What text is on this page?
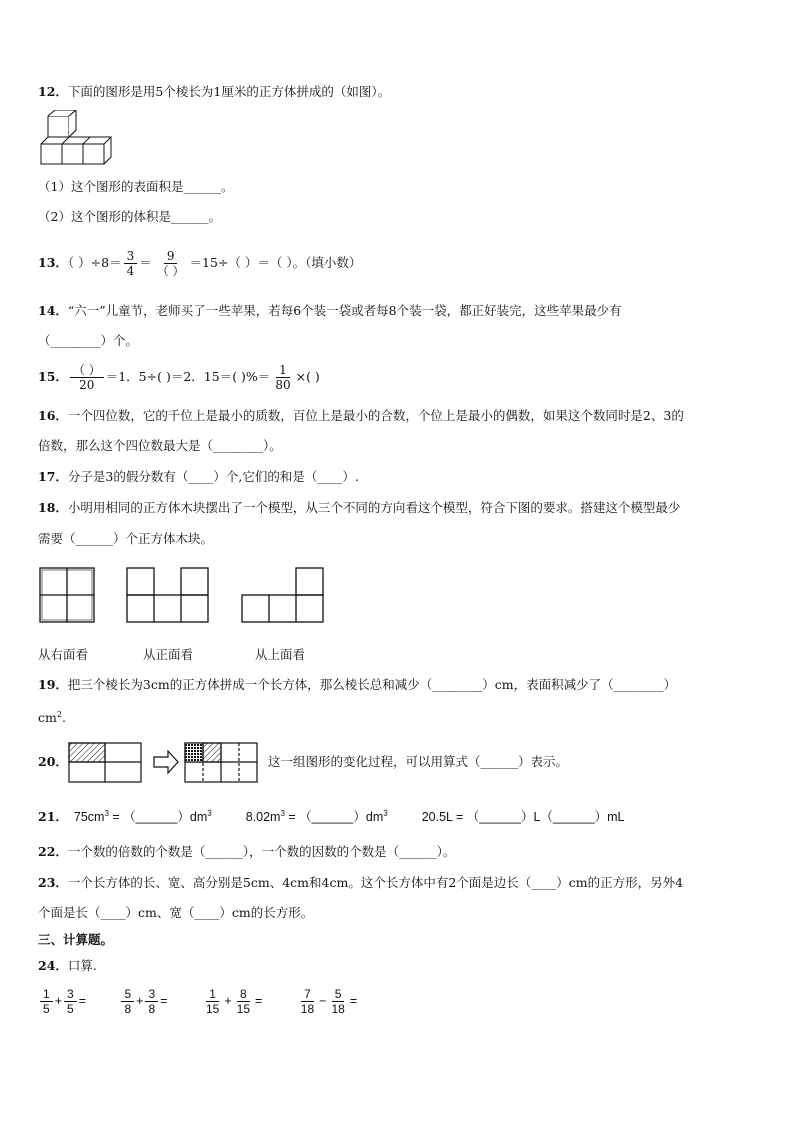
12．下面的图形是用5个棱长为1厘米的正方体拼成的（如图）。
（1）这个图形的表面积是______。
（2）这个图形的体积是______。
13．（ ）$\div 8= \frac{3}{4} = \frac{9}{( )} =15\div$（ ）＝（ ）。（填小数）
14．“六一”儿童节，老师买了一些苹果，若每6个装一袋或者每8个装一袋，都正好装完，这些苹果最少有
（________）个。
15． $\frac{( )}{20} =1$．5÷( )＝2．15＝( )%＝ $\frac{1}{80}$ ×( )
16．一个四位数，它的千位上是最小的质数，百位上是最小的合数，个位上是最小的偶数，如果这个数同时是2、3的
倍数，那么这个四位数最大是（________）。
17．分子是3的假分数有（____）个,它们的和是（____）.
18．小明用相同的正方体木块摆出了一个模型，从三个不同的方向看这个模型，符合下图的要求。搭建这个模型最少
需要（______）个正方体木块。
从右面看	从正面看	从上面看
19．把三个棱长为3cm的正方体拼成一个长方体，那么棱长总和减少（________）cm，表面积减少了（________）
$cm^2$.
20．	这一组图形的变化过程，可以用算式（______）表示。
21． $75cm^3$ = $(\_\_\_\_\_\_)dm^3$	$8.02m^3$ = $(\_\_\_\_\_\_)dm^3$	20.5L = （______）L（______）mL
22．一个数的倍数的个数是（______），一个数的因数的个数是（______）。
23．一个长方体的长、宽、高分别是5cm、4cm和4cm。这个长方体中有2个面是边长（____）cm的正方形，另外4
个面是长（____）cm、宽（____）cm的长方形。
三、计算题。
24．口算.
$\frac{1}{5} + \frac{3}{5}$ =	$\frac{5}{8} + \frac{3}{8}$ =	$\frac{1}{15} + \frac{8}{15}$ =	$\frac{7}{18} - \frac{5}{18}$ =
